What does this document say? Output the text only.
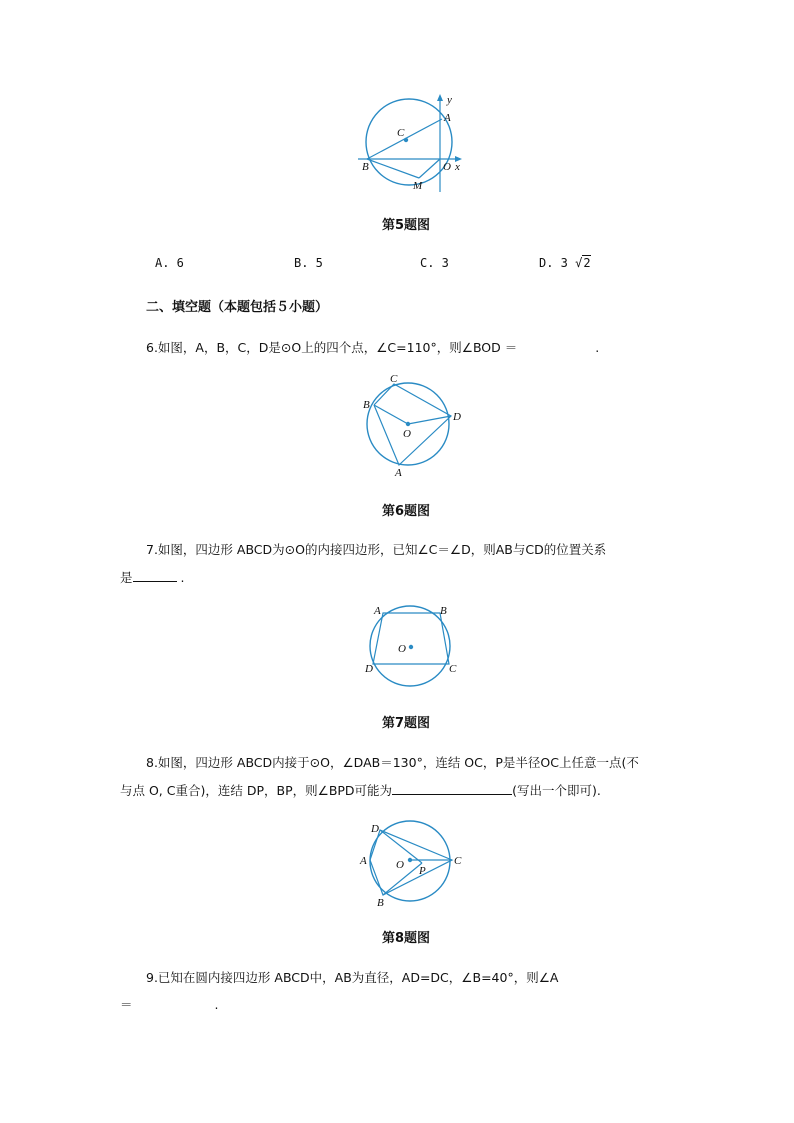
y
A
C
B	O x
M
第5题图
A. 6	B. 5	C. 3	D. 3 √2
二、填空题（本题包括５小题）
6.如图，A，B，C，D是⊙O上的四个点，∠C=110°，则∠BOD ＝	.
C
B
D
O
A
第6题图
7.如图，四边形 ABCD为⊙O的内接四边形，已知∠C＝∠D，则AB与CD的位置关系
是	.
A	B
O
D	C
第7题图
8.如图，四边形 ABCD内接于⊙O，∠DAB＝130°，连结 OC，P是半径OC上任意一点(不
与点 O, C重合)，连结 DP，BP，则∠BPD可能为	(写出一个即可).
D
A	O P
C
B
第8题图
9.已知在圆内接四边形 ABCD中，AB为直径，AD=DC，∠B=40°，则∠A
＝	.
